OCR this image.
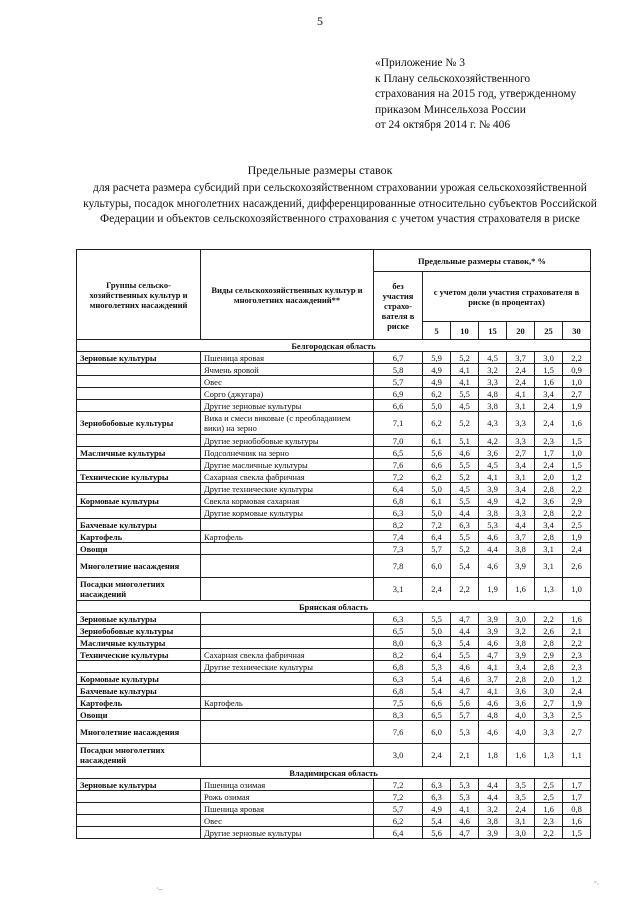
5
«Приложение № 3
к Плану сельскохозяйственного
страхования на 2015 год, утвержденному
приказом Минсельхоза России
от 24 октября 2014 г. № 406
Предельные размеры ставок
для расчета размера субсидий при сельскохозяйственном страховании урожая сельскохозяйственной культуры, посадок многолетних насаждений, дифференцированные относительно субъектов Российской Федерации и объектов сельскохозяйственного страхования с учетом участия страхователя в риске
Группы сельско-хозяйственных культур и многолетних насаждений	Виды сельскохозяйственных культур и многолетних насаждений**	Предельные размеры ставок,* %						
		без участия страхо-вателя в риске	с учетом доли участия страхователя в риске (в процентах)					
			5	10	15	20	25	30
Белгородская область								
Зерновые культуры	Пшеница яровая	6,7	5,9	5,2	4,5	3,7	3,0	2,2
	Ячмень яровой	5,8	4,9	4,1	3,2	2,4	1,5	0,9
	Овес	5,7	4,9	4,1	3,3	2,4	1,6	1,0
	Сорго (джугара)	6,9	6,2	5,5	4,8	4,1	3,4	2,7
	Другие зерновые культуры	6,6	5,0	4,5	3,8	3,1	2,4	1,9
Зернобобовые культуры	Вика и смеси виковые (с преобладанием вики) на зерно	7,1	6,2	5,2	4,3	3,3	2,4	1,6
	Другие зернобобовые культуры	7,0	6,1	5,1	4,2	3,3	2,3	1,5
Масличные культуры	Подсолнечник на зерно	6,5	5,6	4,6	3,6	2,7	1,7	1,0
	Другие масличные культуры	7,6	6,6	5,5	4,5	3,4	2,4	1,5
Технические культуры	Сахарная свекла фабричная	7,2	6,2	5,2	4,1	3,1	2,0	1,2
	Другие технические культуры	6,4	5,0	4,5	3,9	3,4	2,8	2,2
Кормовые культуры	Свекла кормовая сахарная	6,8	6,1	5,5	4,9	4,2	3,6	2,9
	Другие кормовые культуры	6,3	5,0	4,4	3,8	3,3	2,8	2,2
Бахчевые культуры		8,2	7,2	6,3	5,3	4,4	3,4	2,5
Картофель	Картофель	7,4	6,4	5,5	4,6	3,7	2,8	1,9
Овощи		7,3	5,7	5,2	4,4	3,8	3,1	2,4
Многолетние насаждения		7,8	6,0	5,4	4,6	3,9	3,1	2,6
Посадки многолетних насаждений		3,1	2,4	2,2	1,9	1,6	1,3	1,0
Брянская область								
Зерновые культуры		6,3	5,5	4,7	3,9	3,0	2,2	1,6
Зернобобовые культуры		6,5	5,0	4,4	3,9	3,2	2,6	2,1
Масличные культуры		8,0	6,3	5,4	4,6	3,8	2,8	2,2
Технические культуры	Сахарная свекла фабричная	8,2	6,4	5,5	4,7	3,9	2,9	2,3
	Другие технические культуры	6,8	5,3	4,6	4,1	3,4	2,8	2,3
Кормовые культуры		6,3	5,4	4,6	3,7	2,8	2,0	1,2
Бахчевые культуры		6,8	5,4	4,7	4,1	3,6	3,0	2,4
Картофель	Картофель	7,5	6,6	5,6	4,6	3,6	2,7	1,9
Овощи		8,3	6,5	5,7	4,8	4,0	3,3	2,5
Многолетние насаждения		7,6	6,0	5,3	4,6	4,0	3,3	2,7
Посадки многолетних насаждений		3,0	2,4	2,1	1,8	1,6	1,3	1,1
Владимирская область								
Зерновые культуры	Пшеница озимая	7,2	6,3	5,3	4,4	3,5	2,5	1,7
	Рожь озимая	7,2	6,3	5,3	4,4	3,5	2,5	1,7
	Пшеница яровая	5,7	4,9	4,1	3,2	2,4	1,6	0,8
	Овес	6,2	5,4	4,6	3,8	3,1	2,3	1,6
	Другие зерновые культуры	6,4	5,6	4,7	3,9	3,0	2,2	1,5
·–	ˇ·
